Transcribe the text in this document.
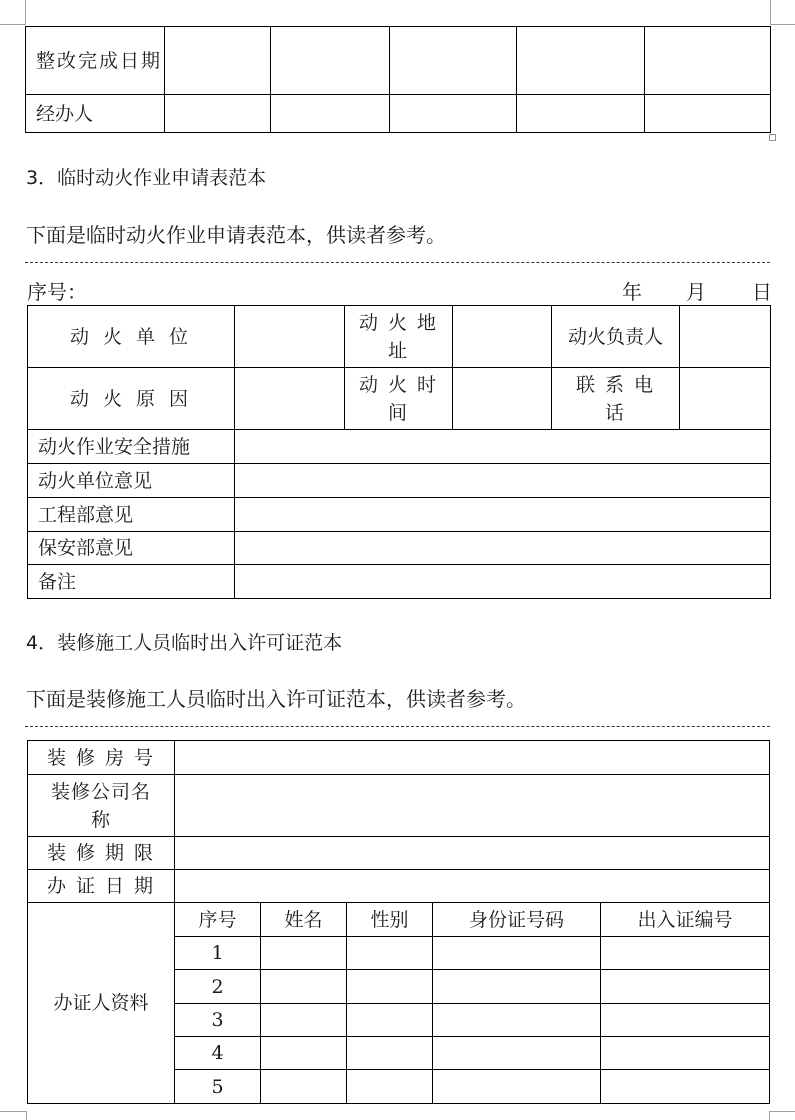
整改完成日期					
经办人					
3．临时动火作业申请表范本
下面是临时动火作业申请表范本，供读者参考。
序号：	年 月 日
动 火 单 位		动 火 地 址		动火负责人	
动 火 原 因		动 火 时 间		联 系 电 话	
动火作业安全措施					
动火单位意见					
工程部意见					
保安部意见					
备注					
4．装修施工人员临时出入许可证范本
下面是装修施工人员临时出入许可证范本，供读者参考。
装 修 房 号					
装修公司名称					
装 修 期 限					
办 证 日 期					
办证人资料	序号	姓名	性别	身份证号码	出入证编号
	1				
	2				
	3				
	4				
	5				
